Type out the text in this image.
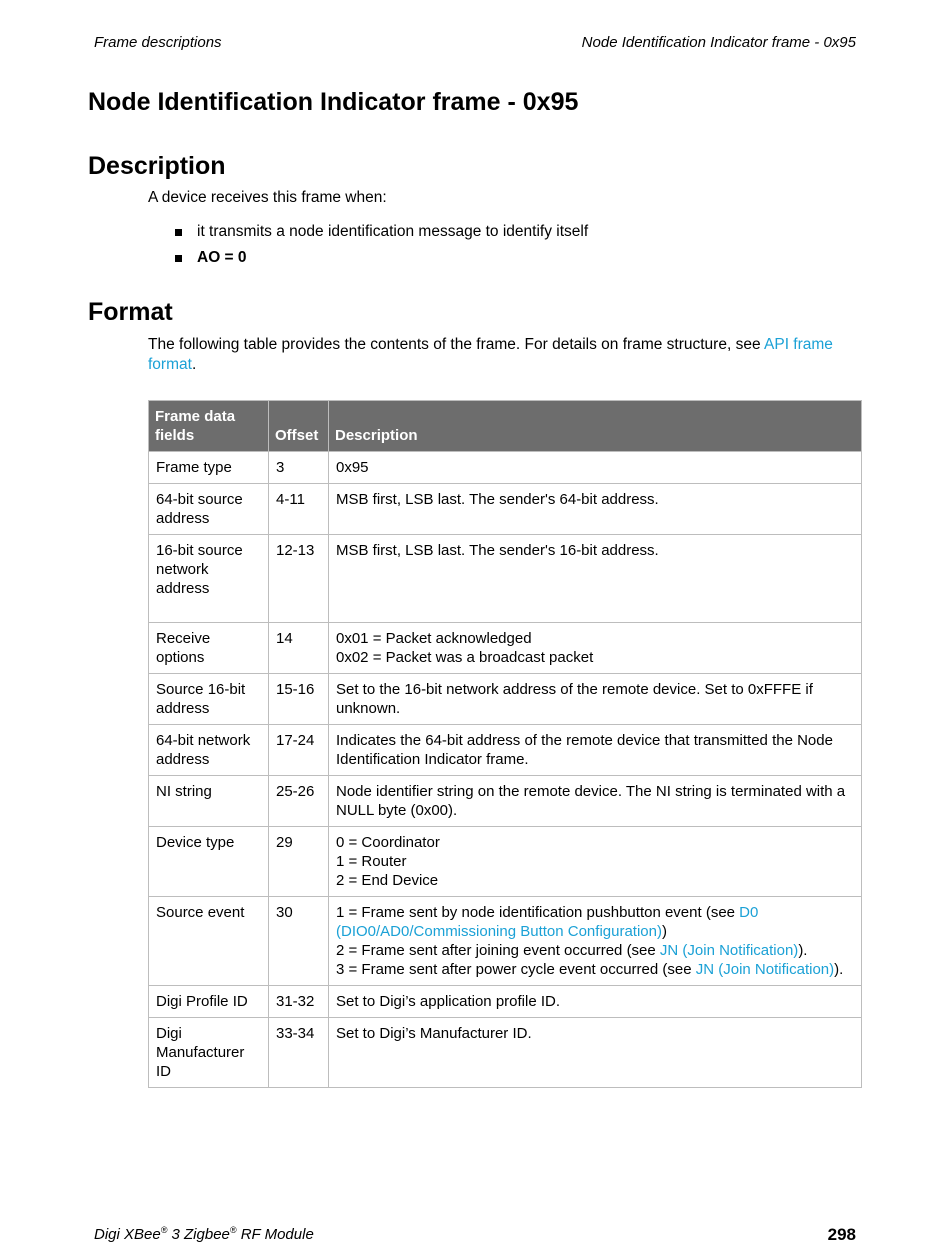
Frame descriptions	Node Identification Indicator frame - 0x95
Node Identification Indicator frame - 0x95
Description
A device receives this frame when:
it transmits a node identification message to identify itself
AO = 0
Format
The following table provides the contents of the frame. For details on frame structure, see API frame format.
Frame data fields	Offset	Description
Frame type	3	0x95

64-bit source address	4-11	MSB first, LSB last. The sender's 64-bit address.

16-bit source network address	12-13	MSB first, LSB last. The sender's 16-bit address.

Receive options	14	0x01 = Packet acknowledged
0x02 = Packet was a broadcast packet

Source 16-bit address	15-16	Set to the 16-bit network address of the remote device. Set to 0xFFFE if unknown.

64-bit network address	17-24	Indicates the 64-bit address of the remote device that transmitted the Node Identification Indicator frame.

NI string	25-26	Node identifier string on the remote device. The NI string is terminated with a NULL byte (0x00).

Device type	29	0 = Coordinator
1 = Router
2 = End Device

Source event	30	1 = Frame sent by node identification pushbutton event (see D0 (DIO0/AD0/Commissioning Button Configuration))
2 = Frame sent after joining event occurred (see JN (Join Notification)).
3 = Frame sent after power cycle event occurred (see JN (Join Notification)).

Digi Profile ID	31-32	Set to Digi’s application profile ID.

Digi Manufacturer ID	33-34	Set to Digi’s Manufacturer ID.
Digi XBee® 3 Zigbee® RF Module	298
